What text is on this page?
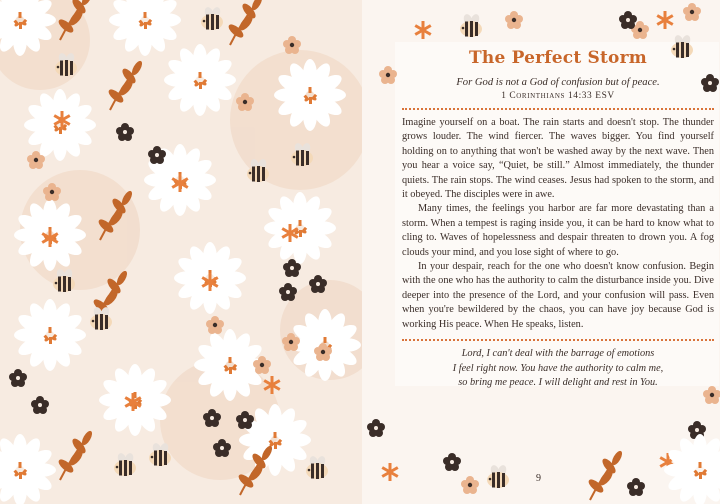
The Perfect Storm
For God is not a God of confusion but of peace.
1 Corinthians 14:33 ESV

Imagine yourself on a boat. The rain starts and doesn't stop. The thunder grows louder. The wind fiercer. The waves bigger. You find yourself holding on to anything that won't be washed away by the next wave. Then you hear a voice say, “Quiet, be still.” Almost immediately, the thunder quiets. The rain stops. The wind ceases. Jesus had spoken to the storm, and it obeyed. The disciples were in awe.

Many times, the feelings you harbor are far more devastating than a storm. When a tempest is raging inside you, it can be hard to know what to cling to. Waves of hopelessness and despair threaten to drown you. A fog clouds your mind, and you lose sight of where to go.

In your despair, reach for the one who doesn't know confusion. Begin with the one who has the authority to calm the disturbance inside you. Dive deeper into the presence of the Lord, and your confusion will pass. Even when you're bewildered by the chaos, you can have joy because God is working His peace. When He speaks, listen.

Lord, I can't deal with the barrage of emotions
I feel right now. You have the authority to calm me,
so bring me peace. I will delight and rest in You.
9
